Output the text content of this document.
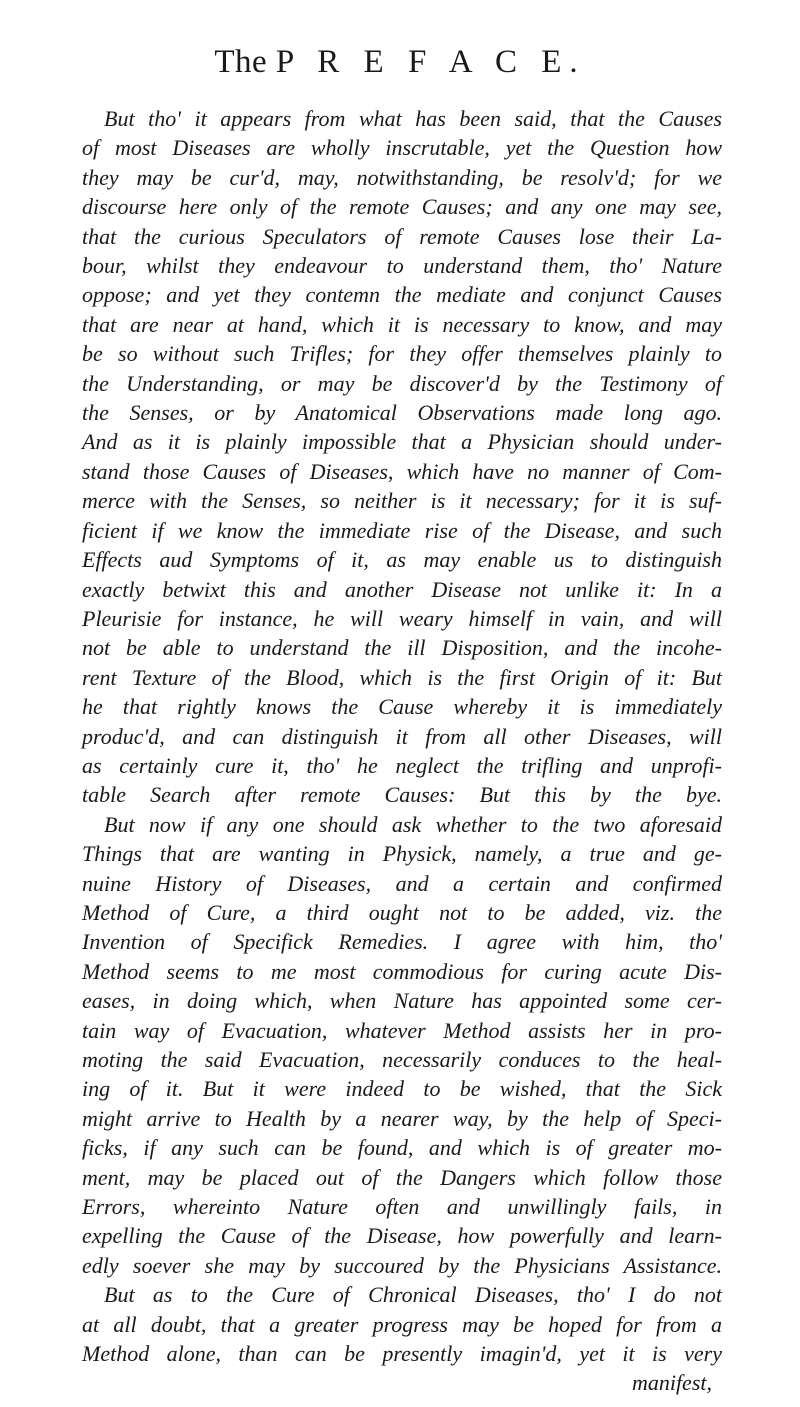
The P R E F A C E.
But tho' it appears from what has been said, that the Causes
of most Diseases are wholly inscrutable, yet the Question how
they may be cur'd, may, notwithstanding, be resolv'd; for we
discourse here only of the remote Causes; and any one may see,
that the curious Speculators of remote Causes lose their La-
bour, whilst they endeavour to understand them, tho' Nature
oppose; and yet they contemn the mediate and conjunct Causes
that are near at hand, which it is necessary to know, and may
be so without such Trifles; for they offer themselves plainly to
the Understanding, or may be discover'd by the Testimony of
the Senses, or by Anatomical Observations made long ago.
And as it is plainly impossible that a Physician should under-
stand those Causes of Diseases, which have no manner of Com-
merce with the Senses, so neither is it necessary; for it is suf-
ficient if we know the immediate rise of the Disease, and such
Effects aud Symptoms of it, as may enable us to distinguish
exactly betwixt this and another Disease not unlike it: In a
Pleurisie for instance, he will weary himself in vain, and will
not be able to understand the ill Disposition, and the incohe-
rent Texture of the Blood, which is the first Origin of it: But
he that rightly knows the Cause whereby it is immediately
produc'd, and can distinguish it from all other Diseases, will
as certainly cure it, tho' he neglect the trifling and unprofi-
table Search after remote Causes: But this by the bye.
But now if any one should ask whether to the two aforesaid
Things that are wanting in Physick, namely, a true and ge-
nuine History of Diseases, and a certain and confirmed
Method of Cure, a third ought not to be added, viz. the
Invention of Specifick Remedies. I agree with him, tho'
Method seems to me most commodious for curing acute Dis-
eases, in doing which, when Nature has appointed some cer-
tain way of Evacuation, whatever Method assists her in pro-
moting the said Evacuation, necessarily conduces to the heal-
ing of it. But it were indeed to be wished, that the Sick
might arrive to Health by a nearer way, by the help of Speci-
ficks, if any such can be found, and which is of greater mo-
ment, may be placed out of the Dangers which follow those
Errors, whereinto Nature often and unwillingly fails, in
expelling the Cause of the Disease, how powerfully and learn-
edly soever she may by succoured by the Physicians Assistance.
But as to the Cure of Chronical Diseases, tho' I do not
at all doubt, that a greater progress may be hoped for from a
Method alone, than can be presently imagin'd, yet it is very
manifest,
